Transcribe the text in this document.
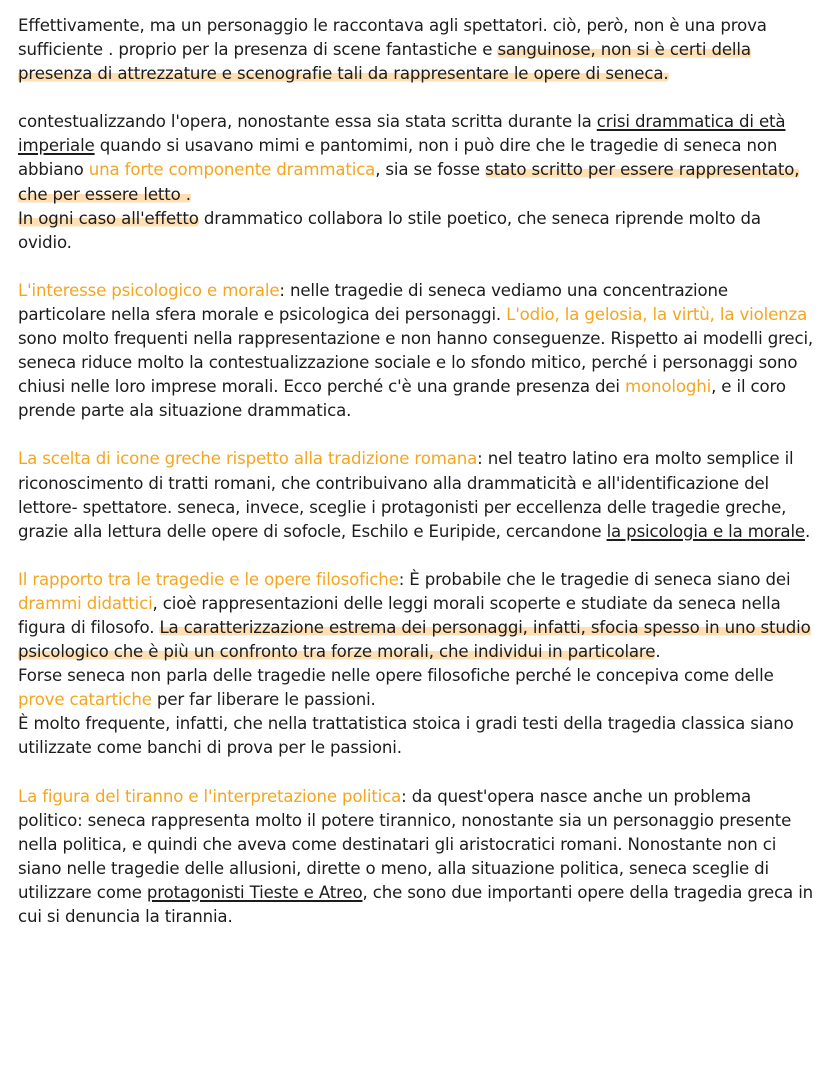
Effettivamente, ma un personaggio le raccontava agli spettatori. ciò, però, non è una prova sufficiente . proprio per la presenza di scene fantastiche e sanguinose, non si è certi della presenza di attrezzature e scenografie tali da rappresentare le opere di seneca.

contestualizzando l'opera, nonostante essa sia stata scritta durante la crisi drammatica di età imperiale quando si usavano mimi e pantomimi, non i può dire che le tragedie di seneca non abbiano una forte componente drammatica, sia se fosse stato scritto per essere rappresentato, che per essere letto .
In ogni caso all'effetto drammatico collabora lo stile poetico, che seneca riprende molto da ovidio.

L'interesse psicologico e morale: nelle tragedie di seneca vediamo una concentrazione particolare nella sfera morale e psicologica dei personaggi. L'odio, la gelosia, la virtù, la violenza sono molto frequenti nella rappresentazione e non hanno conseguenze. Rispetto ai modelli greci, seneca riduce molto la contestualizzazione sociale e lo sfondo mitico, perché i personaggi sono chiusi nelle loro imprese morali. Ecco perché c'è una grande presenza dei monologhi, e il coro prende parte ala situazione drammatica.

La scelta di icone greche rispetto alla tradizione romana: nel teatro latino era molto semplice il riconoscimento di tratti romani, che contribuivano alla drammaticità e all'identificazione del lettore- spettatore. seneca, invece, sceglie i protagonisti per eccellenza delle tragedie greche, grazie alla lettura delle opere di sofocle, Eschilo e Euripide, cercandone la psicologia e la morale.

Il rapporto tra le tragedie e le opere filosofiche: È probabile che le tragedie di seneca siano dei drammi didattici, cioè rappresentazioni delle leggi morali scoperte e studiate da seneca nella figura di filosofo. La caratterizzazione estrema dei personaggi, infatti, sfocia spesso in uno studio psicologico che è più un confronto tra forze morali, che individui in particolare.
Forse seneca non parla delle tragedie nelle opere filosofiche perché le concepiva come delle prove catartiche per far liberare le passioni.
È molto frequente, infatti, che nella trattatistica stoica i gradi testi della tragedia classica siano utilizzate come banchi di prova per le passioni.

La figura del tiranno e l'interpretazione politica: da quest'opera nasce anche un problema politico: seneca rappresenta molto il potere tirannico, nonostante sia un personaggio presente nella politica, e quindi che aveva come destinatari gli aristocratici romani. Nonostante non ci siano nelle tragedie delle allusioni, dirette o meno, alla situazione politica, seneca sceglie di utilizzare come protagonisti Tieste e Atreo, che sono due importanti opere della tragedia greca in cui si denuncia la tirannia.
